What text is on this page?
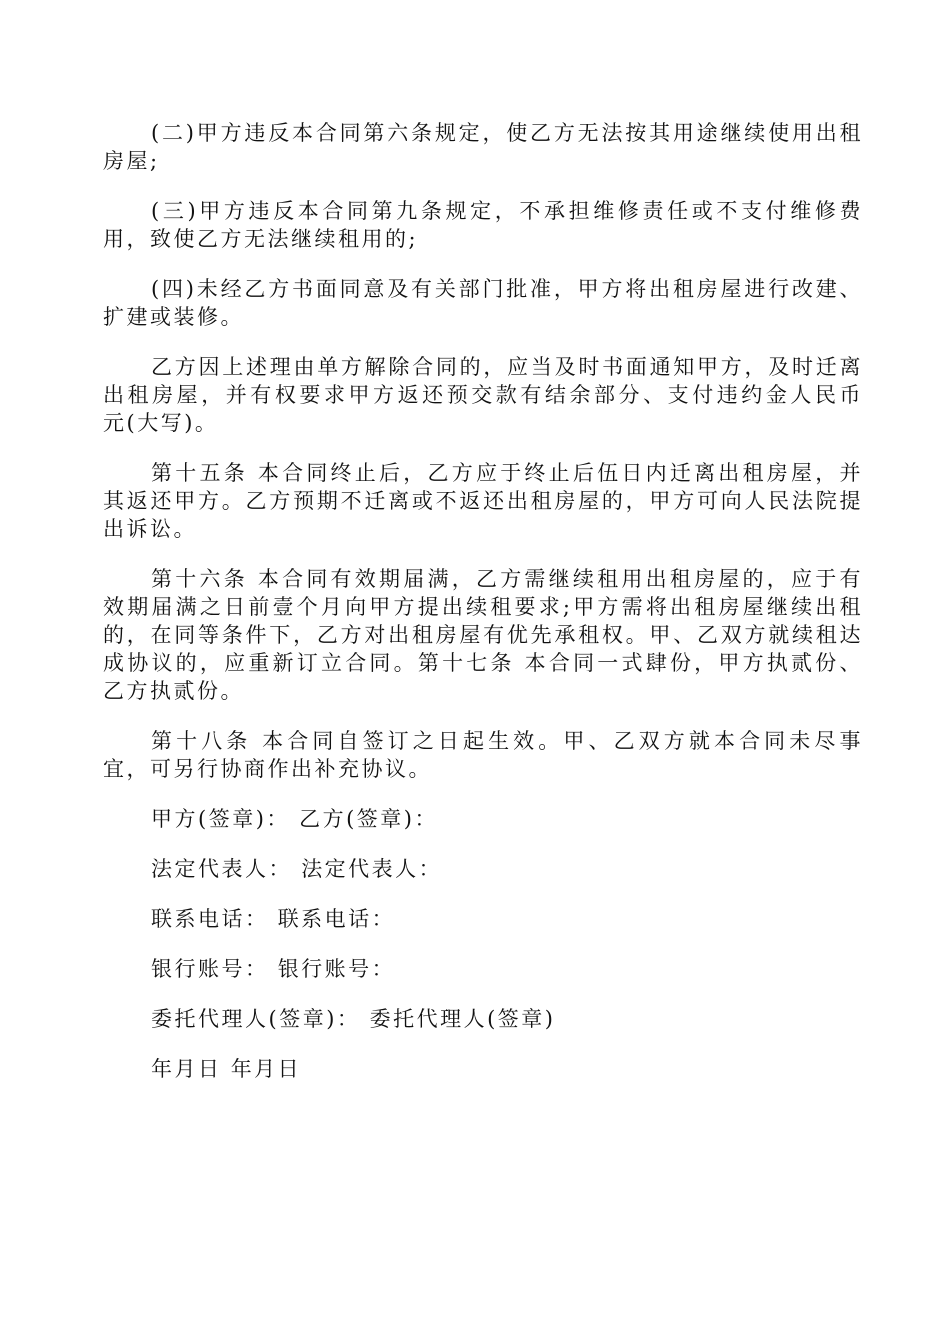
(二)甲方违反本合同第六条规定，使乙方无法按其用途继续使用出租房屋;

(三)甲方违反本合同第九条规定，不承担维修责任或不支付维修费用，致使乙方无法继续租用的;

(四)未经乙方书面同意及有关部门批准，甲方将出租房屋进行改建、扩建或装修。

乙方因上述理由单方解除合同的，应当及时书面通知甲方，及时迁离出租房屋，并有权要求甲方返还预交款有结余部分、支付违约金人民币 元(大写)。

第十五条 本合同终止后，乙方应于终止后伍日内迁离出租房屋，并其返还甲方。乙方预期不迁离或不返还出租房屋的，甲方可向人民法院提出诉讼。

第十六条 本合同有效期届满，乙方需继续租用出租房屋的，应于有效期届满之日前壹个月向甲方提出续租要求;甲方需将出租房屋继续出租的，在同等条件下，乙方对出租房屋有优先承租权。甲、乙双方就续租达成协议的，应重新订立合同。第十七条 本合同一式肆份，甲方执贰份、乙方执贰份。

第十八条 本合同自签订之日起生效。甲、乙双方就本合同未尽事宜，可另行协商作出补充协议。

甲方(签章)： 乙方(签章)：
法定代表人： 法定代表人：
联系电话： 联系电话：
银行账号： 银行账号：
委托代理人(签章)： 委托代理人(签章)
年月日 年月日
